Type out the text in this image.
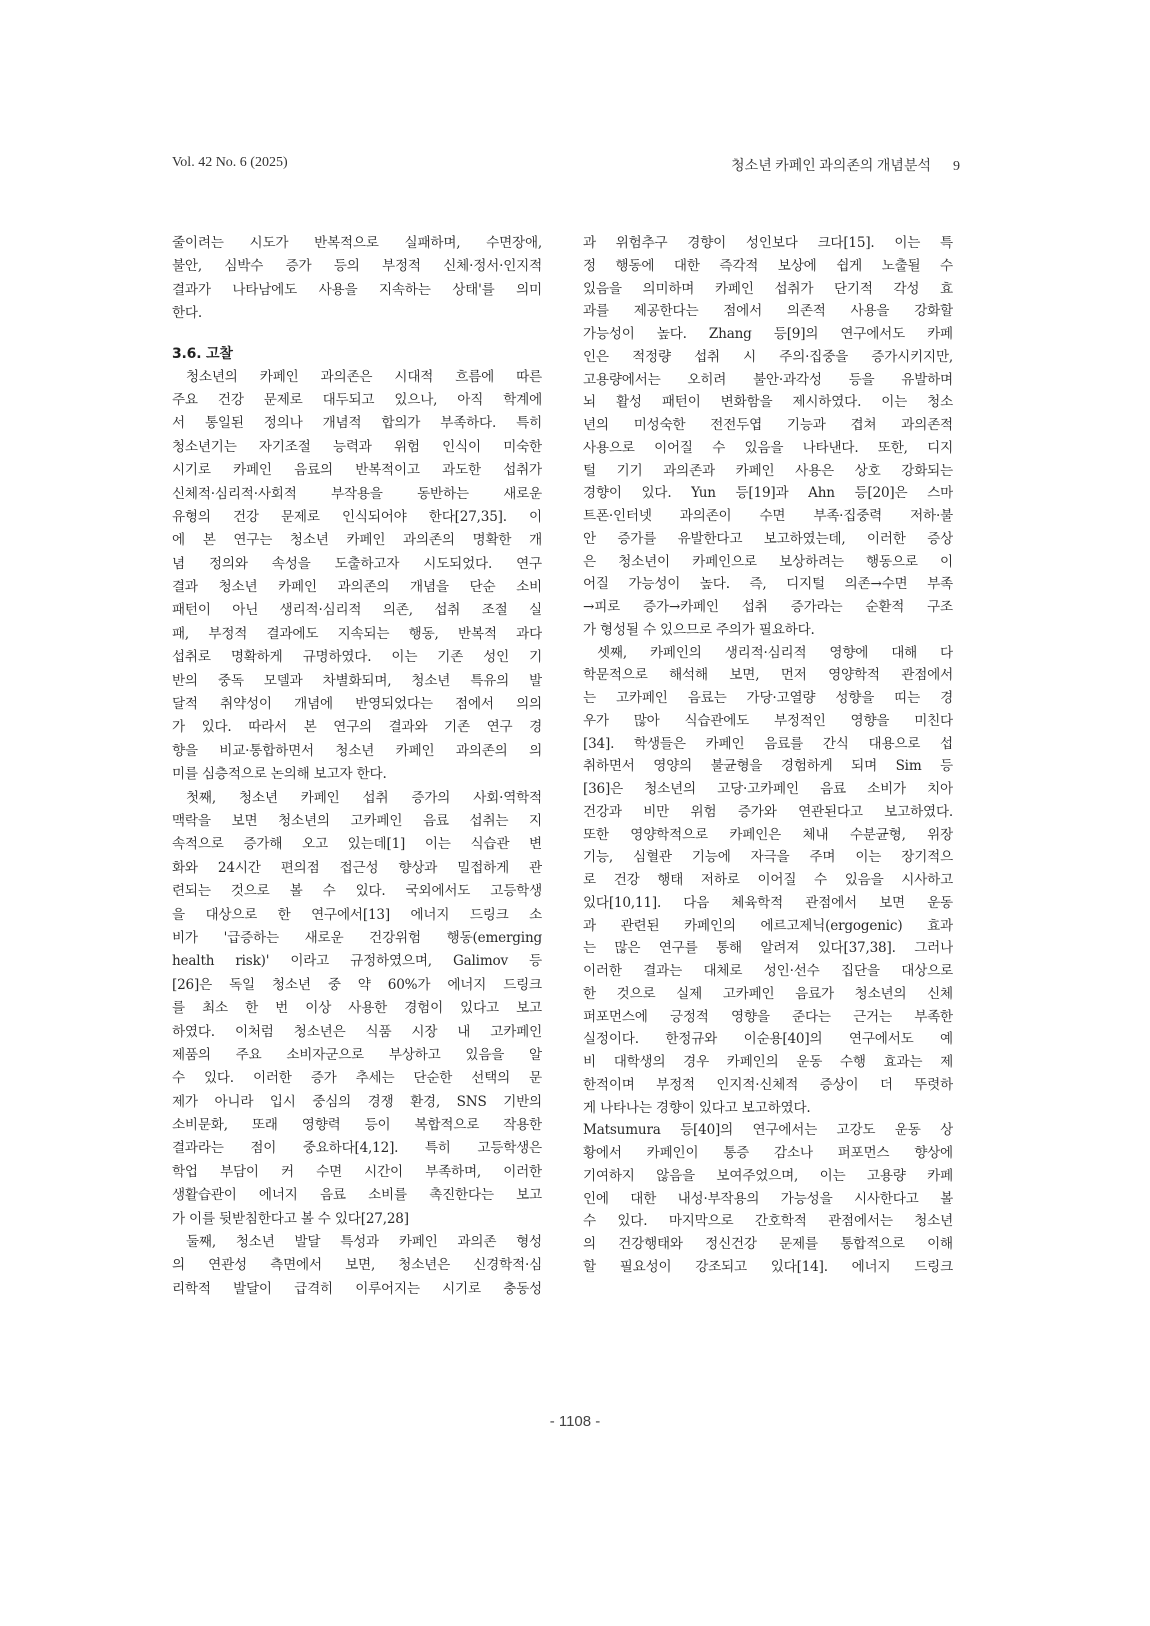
Vol. 42 No. 6 (2025)	청소년 카페인 과의존의 개념분석 9
줄이려는 시도가 반복적으로 실패하며, 수면장애,
불안, 심박수 증가 등의 부정적 신체·정서·인지적
결과가 나타남에도 사용을 지속하는 상태'를 의미
한다.
3.6. 고찰
청소년의 카페인 과의존은 시대적 흐름에 따른
주요 건강 문제로 대두되고 있으나, 아직 학계에
서 통일된 정의나 개념적 합의가 부족하다. 특히
청소년기는 자기조절 능력과 위험 인식이 미숙한
시기로 카페인 음료의 반복적이고 과도한 섭취가
신체적·심리적·사회적 부작용을 동반하는 새로운
유형의 건강 문제로 인식되어야 한다[27,35]. 이
에 본 연구는 청소년 카페인 과의존의 명확한 개
념 정의와 속성을 도출하고자 시도되었다. 연구
결과 청소년 카페인 과의존의 개념을 단순 소비
패턴이 아닌 생리적·심리적 의존, 섭취 조절 실
패, 부정적 결과에도 지속되는 행동, 반복적 과다
섭취로 명확하게 규명하였다. 이는 기존 성인 기
반의 중독 모델과 차별화되며, 청소년 특유의 발
달적 취약성이 개념에 반영되었다는 점에서 의의
가 있다. 따라서 본 연구의 결과와 기존 연구 경
향을 비교·통합하면서 청소년 카페인 과의존의 의
미를 심층적으로 논의해 보고자 한다.
첫째, 청소년 카페인 섭취 증가의 사회·역학적
맥락을 보면 청소년의 고카페인 음료 섭취는 지
속적으로 증가해 오고 있는데[1] 이는 식습관 변
화와 24시간 편의점 접근성 향상과 밀접하게 관
련되는 것으로 볼 수 있다. 국외에서도 고등학생
을 대상으로 한 연구에서[13] 에너지 드링크 소
비가 '급증하는 새로운 건강위험 행동(emerging
health risk)' 이라고 규정하였으며, Galimov 등
[26]은 독일 청소년 중 약 60%가 에너지 드링크
를 최소 한 번 이상 사용한 경험이 있다고 보고
하였다. 이처럼 청소년은 식품 시장 내 고카페인
제품의 주요 소비자군으로 부상하고 있음을 알
수 있다. 이러한 증가 추세는 단순한 선택의 문
제가 아니라 입시 중심의 경쟁 환경, SNS 기반의
소비문화, 또래 영향력 등이 복합적으로 작용한
결과라는 점이 중요하다[4,12]. 특히 고등학생은
학업 부담이 커 수면 시간이 부족하며, 이러한
생활습관이 에너지 음료 소비를 촉진한다는 보고
가 이를 뒷받침한다고 볼 수 있다[27,28]
둘째, 청소년 발달 특성과 카페인 과의존 형성
의 연관성 측면에서 보면, 청소년은 신경학적·심
리학적 발달이 급격히 이루어지는 시기로 충동성
과 위험추구 경향이 성인보다 크다[15]. 이는 특
정 행동에 대한 즉각적 보상에 쉽게 노출될 수
있음을 의미하며 카페인 섭취가 단기적 각성 효
과를 제공한다는 점에서 의존적 사용을 강화할
가능성이 높다. Zhang 등[9]의 연구에서도 카페
인은 적정량 섭취 시 주의·집중을 증가시키지만,
고용량에서는 오히려 불안·과각성 등을 유발하며
뇌 활성 패턴이 변화함을 제시하였다. 이는 청소
년의 미성숙한 전전두엽 기능과 겹쳐 과의존적
사용으로 이어질 수 있음을 나타낸다. 또한, 디지
털 기기 과의존과 카페인 사용은 상호 강화되는
경향이 있다. Yun 등[19]과 Ahn 등[20]은 스마
트폰·인터넷 과의존이 수면 부족·집중력 저하·불
안 증가를 유발한다고 보고하였는데, 이러한 증상
은 청소년이 카페인으로 보상하려는 행동으로 이
어질 가능성이 높다. 즉, 디지털 의존→수면 부족
→피로 증가→카페인 섭취 증가라는 순환적 구조
가 형성될 수 있으므로 주의가 필요하다.
셋째, 카페인의 생리적·심리적 영향에 대해 다
학문적으로 해석해 보면, 먼저 영양학적 관점에서
는 고카페인 음료는 가당·고열량 성향을 띠는 경
우가 많아 식습관에도 부정적인 영향을 미친다
[34]. 학생들은 카페인 음료를 간식 대용으로 섭
취하면서 영양의 불균형을 경험하게 되며 Sim 등
[36]은 청소년의 고당·고카페인 음료 소비가 치아
건강과 비만 위험 증가와 연관된다고 보고하였다.
또한 영양학적으로 카페인은 체내 수분균형, 위장
기능, 심혈관 기능에 자극을 주며 이는 장기적으
로 건강 행태 저하로 이어질 수 있음을 시사하고
있다[10,11]. 다음 체육학적 관점에서 보면 운동
과 관련된 카페인의 에르고제닉(ergogenic) 효과
는 많은 연구를 통해 알려져 있다[37,38]. 그러나
이러한 결과는 대체로 성인·선수 집단을 대상으로
한 것으로 실제 고카페인 음료가 청소년의 신체
퍼포먼스에 긍정적 영향을 준다는 근거는 부족한
실정이다. 한정규와 이순용[40]의 연구에서도 예
비 대학생의 경우 카페인의 운동 수행 효과는 제
한적이며 부정적 인지적·신체적 증상이 더 뚜렷하
게 나타나는 경향이 있다고 보고하였다.
Matsumura 등[40]의 연구에서는 고강도 운동 상
황에서 카페인이 통증 감소나 퍼포먼스 향상에
기여하지 않음을 보여주었으며, 이는 고용량 카페
인에 대한 내성·부작용의 가능성을 시사한다고 볼
수 있다. 마지막으로 간호학적 관점에서는 청소년
의 건강행태와 정신건강 문제를 통합적으로 이해
할 필요성이 강조되고 있다[14]. 에너지 드링크
- 1108 -
